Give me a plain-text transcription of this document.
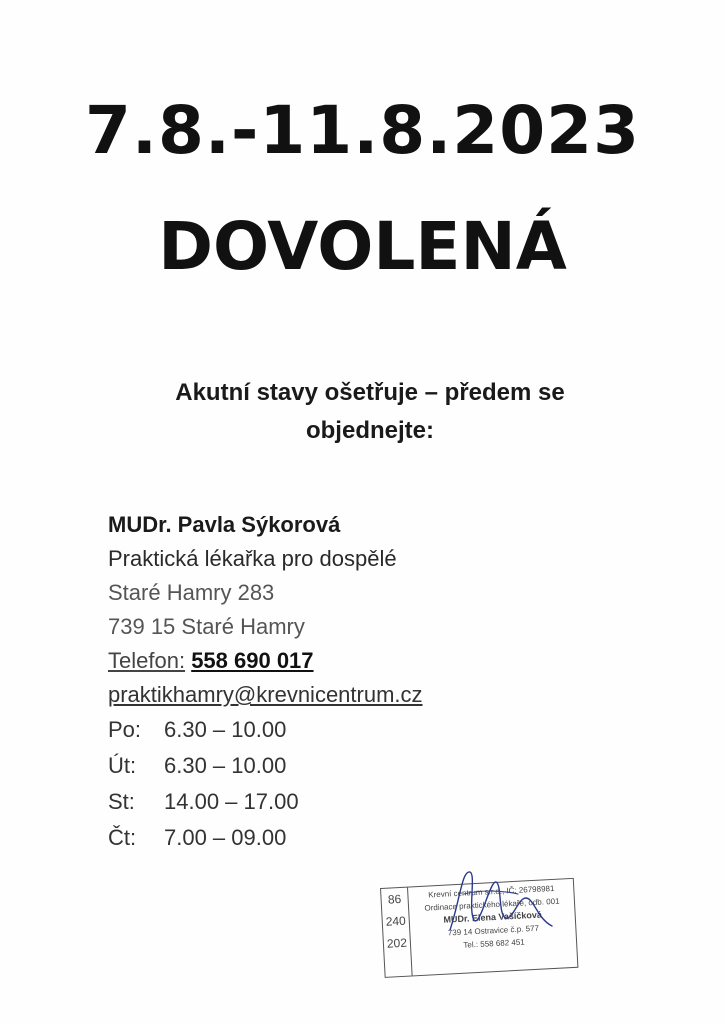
7.8.-11.8.2023
DOVOLENÁ
Akutní stavy ošetřuje – předem se
objednejte:
MUDr. Pavla Sýkorová
Praktická lékařka pro dospělé
Staré Hamry 283
739 15 Staré Hamry
Telefon: 558 690 017
praktikhamry@krevnicentrum.cz
Po: 6.30 – 10.00
Út: 6.30 – 10.00
St: 14.00 – 17.00
Čt: 7.00 – 09.00
86
240
202
Krevní centrum s.r.o., IČ: 26798981
Ordinace praktického lékaře, odb. 001
MUDr. Elena Vašíčková
739 14 Ostravice č.p. 577
Tel.: 558 682 451
